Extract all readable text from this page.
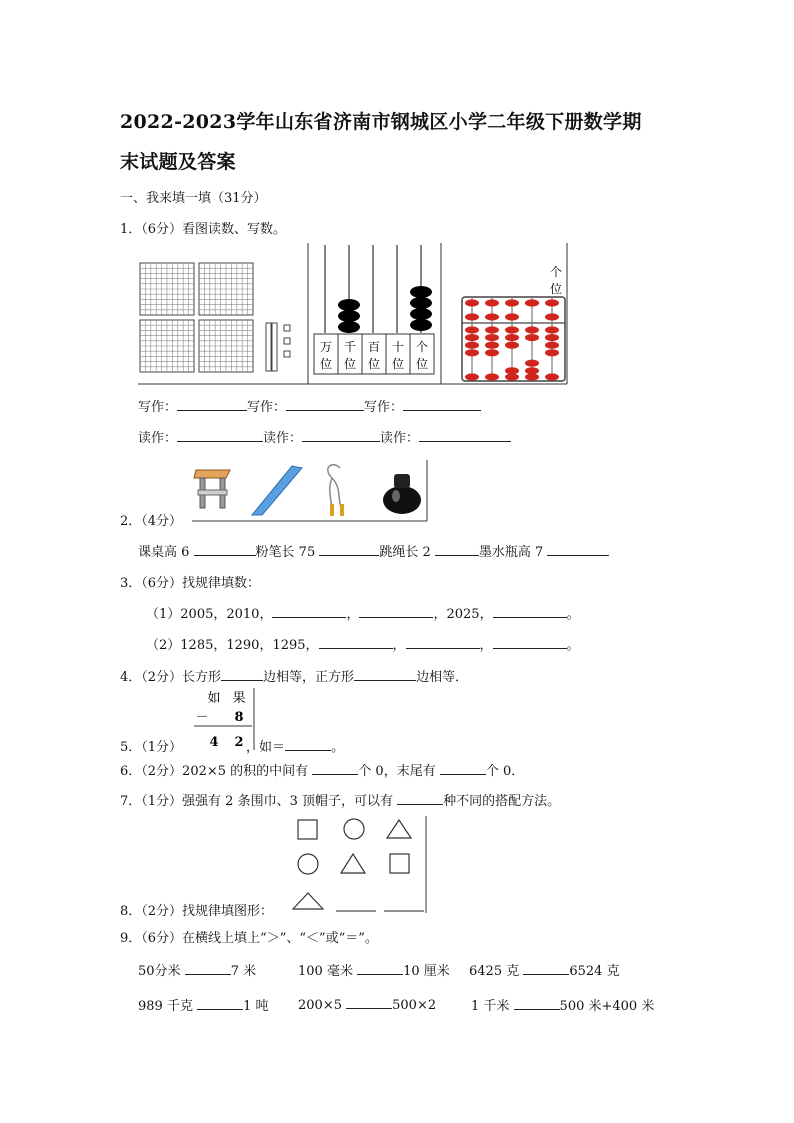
2022-2023学年山东省济南市钢城区小学二年级下册数学期
末试题及答案
一、我来填一填（31分）
1．（6分）看图读数、写数。
万
位
千
位
百
位
十
位
个
位
个
位
写作：	写作：	写作：
读作：	读作：	读作：
2．（4分）
课桌高 6	粉笔长 75	跳绳长 2	墨水瓶高 7
3．（6分）找规律填数：
（1）2005，2010，	，	，2025，	。
（2）1285，1290，1295，	，	，	。
4．（2分）长方形	边相等，正方形	边相等．
如 果
－ 8
4 2
5．（1分）	，如＝	。
6．（2分）202×5 的积的中间有	个 0，末尾有	个 0．
7．（1分）强强有 2 条围巾、3 顶帽子，可以有	种不同的搭配方法。
8．（2分）找规律填图形：
9．（6分）在横线上填上“＞”、“＜”或“＝”。
50分米	7 米	100 毫米	10 厘米 6425 克	6524 克
989 千克	1 吨 200×5	500×2	1 千米	500 米+400 米
